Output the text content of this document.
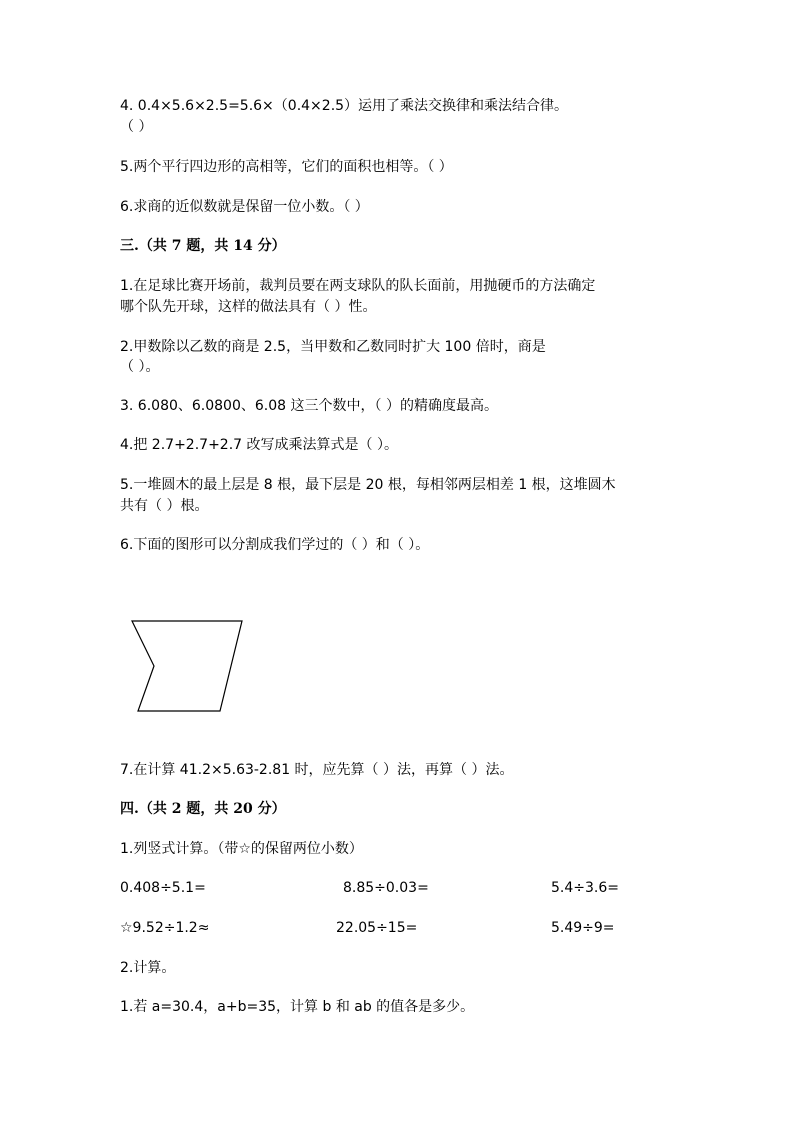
4. 0.4×5.6×2.5=5.6×（0.4×2.5）运用了乘法交换律和乘法结合律。
（ ）
5.两个平行四边形的高相等，它们的面积也相等。（ ）
6.求商的近似数就是保留一位小数。（ ）
三.（共 7 题，共 14 分）
1.在足球比赛开场前，裁判员要在两支球队的队长面前，用抛硬币的方法确定
哪个队先开球，这样的做法具有（ ）性。
2.甲数除以乙数的商是 2.5，当甲数和乙数同时扩大 100 倍时，商是
（ ）。
3. 6.080、6.0800、6.08 这三个数中，（ ）的精确度最高。
4.把 2.7+2.7+2.7 改写成乘法算式是（ ）。
5.一堆圆木的最上层是 8 根，最下层是 20 根，每相邻两层相差 1 根，这堆圆木
共有（ ）根。
6.下面的图形可以分割成我们学过的（ ）和（ ）。
7.在计算 41.2×5.63-2.81 时，应先算（ ）法，再算（ ）法。
四.（共 2 题，共 20 分）
1.列竖式计算。（带☆的保留两位小数）
0.408÷5.1=	8.85÷0.03=	5.4÷3.6=
☆9.52÷1.2≈	22.05÷15=	5.49÷9=
2.计算。
1.若 a=30.4，a+b=35，计算 b 和 ab 的值各是多少。
